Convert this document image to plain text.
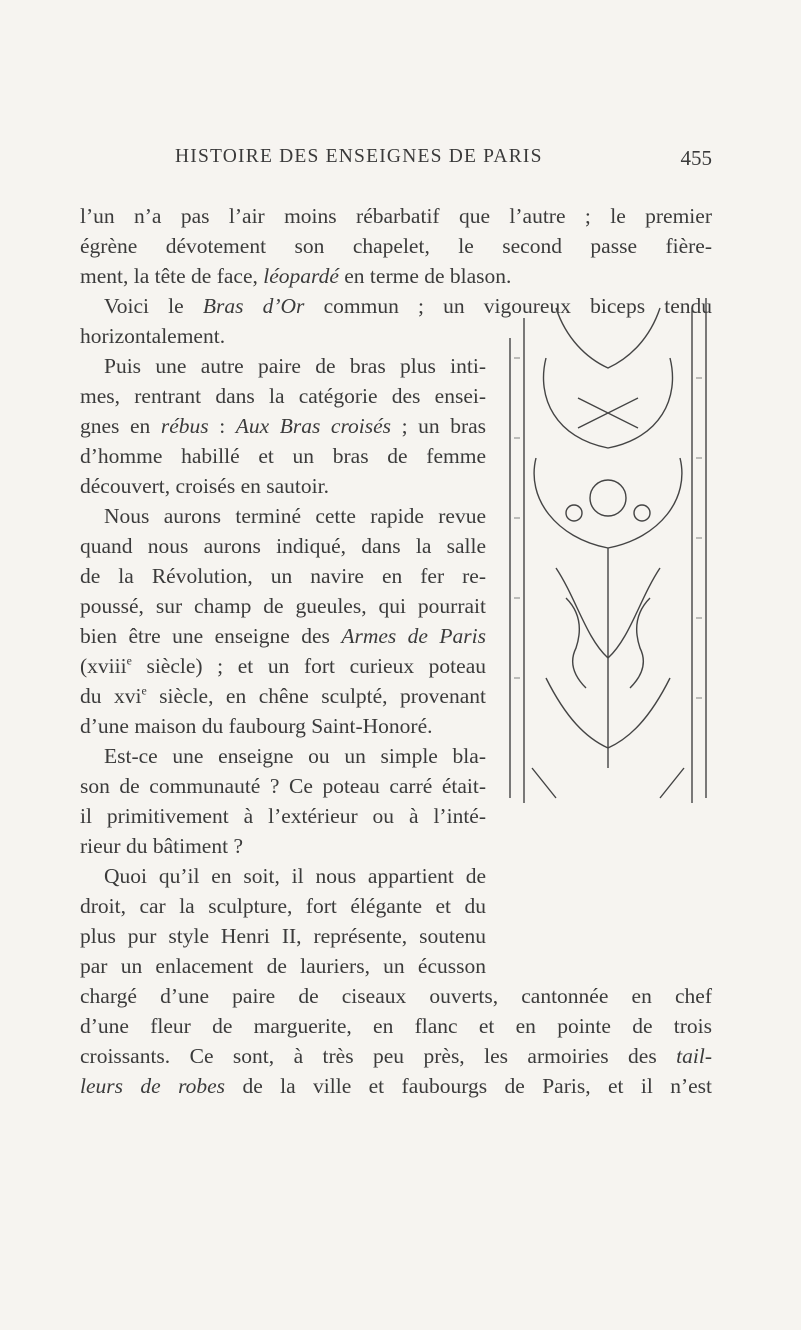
HISTOIRE DES ENSEIGNES DE PARIS	455
l’un n’a pas l’air moins rébarbatif que l’autre ; le premier
égrène dévotement son chapelet, le second passe fière-
ment, la tête de face, léopardé en terme de blason.
Voici le Bras d’Or commun ; un vigoureux biceps tendu
horizontalement.
Puis une autre paire de bras plus inti-
mes, rentrant dans la catégorie des ensei-
gnes en rébus : Aux Bras croisés ; un bras
d’homme habillé et un bras de femme
découvert, croisés en sautoir.
Nous aurons terminé cette rapide revue
quand nous aurons indiqué, dans la salle
de la Révolution, un navire en fer re-
poussé, sur champ de gueules, qui pourrait
bien être une enseigne des Armes de Paris
(xviii$^e$ siècle) ; et un fort curieux poteau
du xvi$^e$ siècle, en chêne sculpté, provenant
d’une maison du faubourg Saint-Honoré.
Est-ce une enseigne ou un simple bla-
son de communauté ? Ce poteau carré était-
il primitivement à l’extérieur ou à l’inté-
rieur du bâtiment ?
Quoi qu’il en soit, il nous appartient de
droit, car la sculpture, fort élégante et du
plus pur style Henri II, représente, soutenu
par un enlacement de lauriers, un écusson
chargé d’une paire de ciseaux ouverts, cantonnée en chef
d’une fleur de marguerite, en flanc et en pointe de trois
croissants. Ce sont, à très peu près, les armoiries des tail-
leurs de robes de la ville et faubourgs de Paris, et il n’est
